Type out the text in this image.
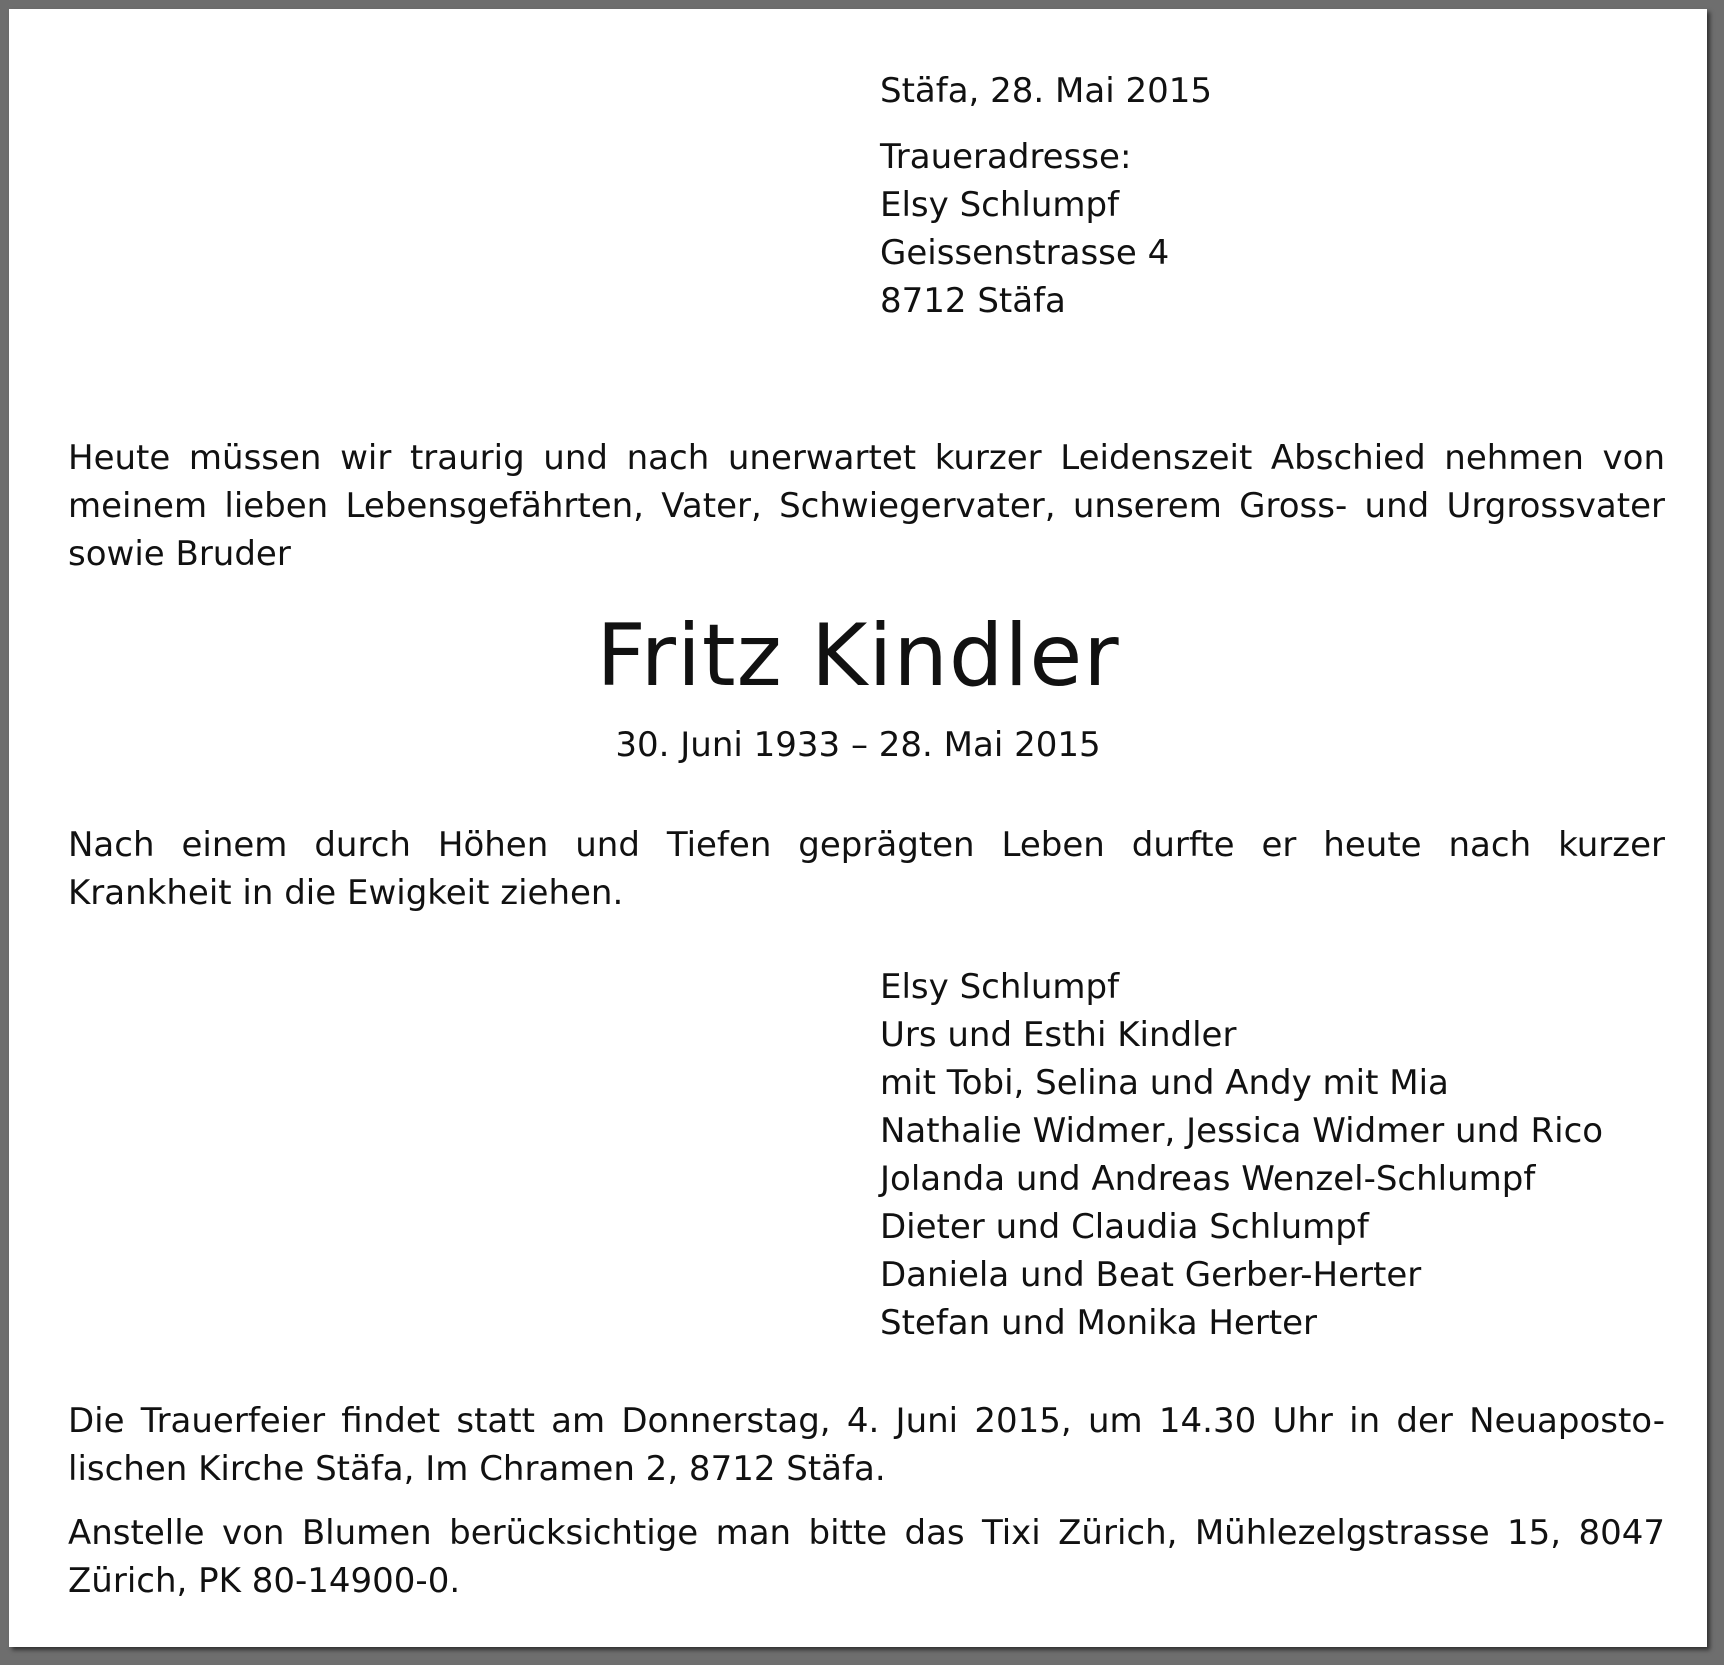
Stäfa, 28. Mai 2015
Traueradresse:
Elsy Schlumpf
Geissenstrasse 4
8712 Stäfa
Heute müssen wir traurig und nach unerwartet kurzer Leidenszeit Abschied nehmen von
meinem lieben Lebensgefährten, Vater, Schwiegervater, unserem Gross- und Urgrossvater
sowie Bruder
Fritz Kindler
30. Juni 1933 – 28. Mai 2015
Nach einem durch Höhen und Tiefen geprägten Leben durfte er heute nach kurzer
Krankheit in die Ewigkeit ziehen.
Elsy Schlumpf
Urs und Esthi Kindler
mit Tobi, Selina und Andy mit Mia
Nathalie Widmer, Jessica Widmer und Rico
Jolanda und Andreas Wenzel-Schlumpf
Dieter und Claudia Schlumpf
Daniela und Beat Gerber-Herter
Stefan und Monika Herter
Die Trauerfeier findet statt am Donnerstag, 4. Juni 2015, um 14.30 Uhr in der Neuaposto-
lischen Kirche Stäfa, Im Chramen 2, 8712 Stäfa.
Anstelle von Blumen berücksichtige man bitte das Tixi Zürich, Mühlezelgstrasse 15, 8047
Zürich, PK 80-14900-0.
